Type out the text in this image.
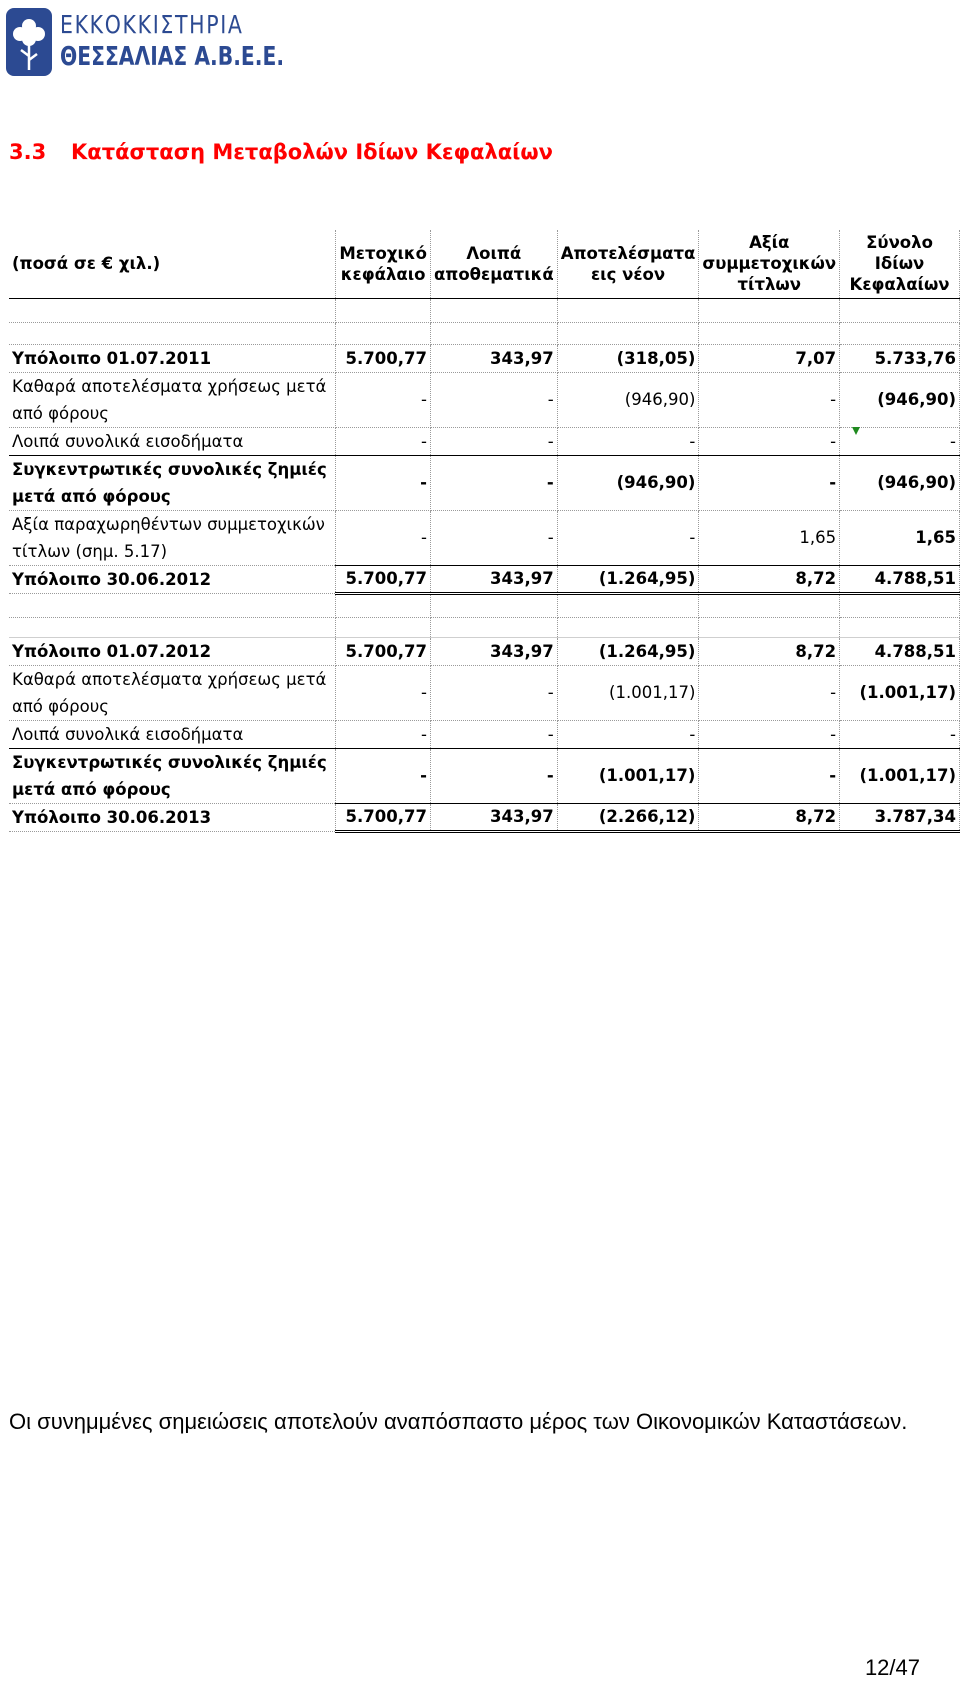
ΕΚΚΟΚΚΙΣΤΗΡΙΑ
ΘΕΣΣΑΛΙΑΣ Α.Β.Ε.Ε.
3.3 Κατάσταση Μεταβολών Ιδίων Κεφαλαίων
(ποσά σε € χιλ.)	Μετοχικό κεφάλαιο	Λοιπά αποθεματικά	Αποτελέσματα εις νέον	Αξία συμμετοχικών τίτλων	Σύνολο Ιδίων Κεφαλαίων

Υπόλοιπο 01.07.2011	5.700,77	343,97	(318,05)	7,07	5.733,76
Καθαρά αποτελέσματα χρήσεως μετά από φόρους	-	-	(946,90)	-	(946,90)
Λοιπά συνολικά εισοδήματα	-	-	-	-	-
Συγκεντρωτικές συνολικές ζημιές μετά από φόρους	-	-	(946,90)	-	(946,90)
Αξία παραχωρηθέντων συμμετοχικών τίτλων (σημ. 5.17)	-	-	-	1,65	1,65
Υπόλοιπο 30.06.2012	5.700,77	343,97	(1.264,95)	8,72	4.788,51

Υπόλοιπο 01.07.2012	5.700,77	343,97	(1.264,95)	8,72	4.788,51
Καθαρά αποτελέσματα χρήσεως μετά από φόρους	-	-	(1.001,17)	-	(1.001,17)
Λοιπά συνολικά εισοδήματα	-	-	-	-	-
Συγκεντρωτικές συνολικές ζημιές μετά από φόρους	-	-	(1.001,17)	-	(1.001,17)
Υπόλοιπο 30.06.2013	5.700,77	343,97	(2.266,12)	8,72	3.787,34
Οι συνημμένες σημειώσεις αποτελούν αναπόσπαστο μέρος των Οικονομικών Καταστάσεων.
12/47
